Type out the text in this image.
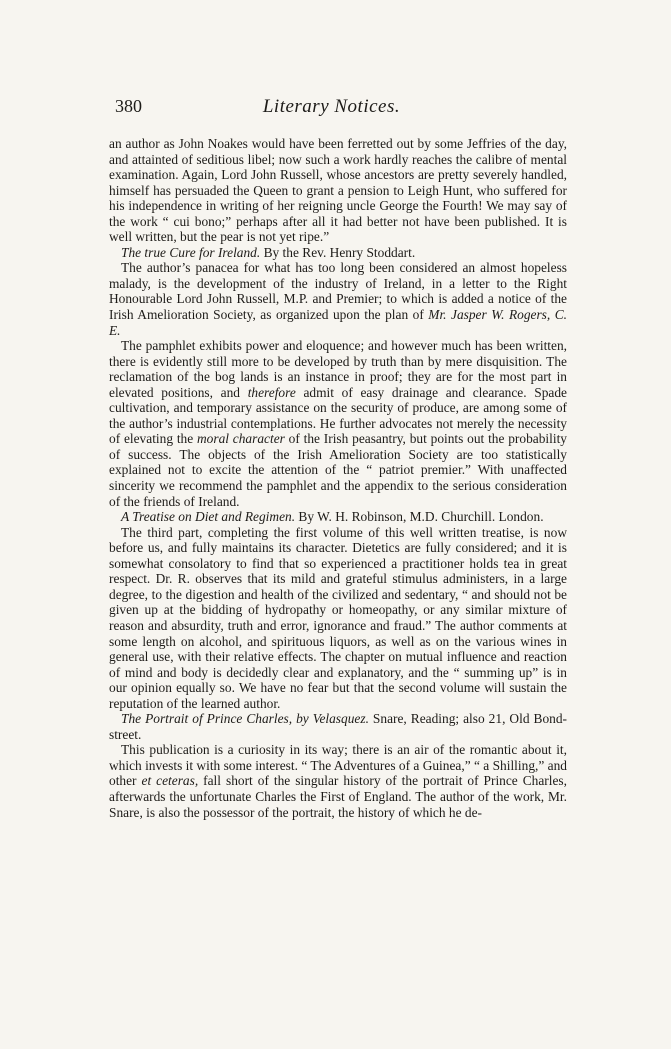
380	Literary Notices.

an author as John Noakes would have been ferretted out by some Jeffries of the day, and attainted of seditious libel; now such a work hardly reaches the calibre of mental examination. Again, Lord John Russell, whose ancestors are pretty severely handled, himself has persuaded the Queen to grant a pension to Leigh Hunt, who suffered for his independence in writing of her reigning uncle George the Fourth! We may say of the work “ cui bono;” perhaps after all it had better not have been published. It is well written, but the pear is not yet ripe.”

The true Cure for Ireland. By the Rev. Henry Stoddart.

The author’s panacea for what has too long been considered an almost hopeless malady, is the development of the industry of Ireland, in a letter to the Right Honourable Lord John Russell, M.P. and Premier; to which is added a notice of the Irish Amelioration Society, as organized upon the plan of Mr. Jasper W. Rogers, C. E.

The pamphlet exhibits power and eloquence; and however much has been written, there is evidently still more to be developed by truth than by mere disquisition. The reclamation of the bog lands is an instance in proof; they are for the most part in elevated positions, and therefore admit of easy drainage and clearance. Spade cultivation, and temporary assistance on the security of produce, are among some of the author’s industrial contemplations. He further advocates not merely the necessity of elevating the moral character of the Irish peasantry, but points out the probability of success. The objects of the Irish Amelioration Society are too statistically explained not to excite the attention of the “ patriot premier.” With unaffected sincerity we recommend the pamphlet and the appendix to the serious consideration of the friends of Ireland.

A Treatise on Diet and Regimen. By W. H. Robinson, M.D. Churchill. London.

The third part, completing the first volume of this well written treatise, is now before us, and fully maintains its character. Dietetics are fully considered; and it is somewhat consolatory to find that so experienced a practitioner holds tea in great respect. Dr. R. observes that its mild and grateful stimulus administers, in a large degree, to the digestion and health of the civilized and sedentary, “ and should not be given up at the bidding of hydropathy or homeopathy, or any similar mixture of reason and absurdity, truth and error, ignorance and fraud.” The author comments at some length on alcohol, and spirituous liquors, as well as on the various wines in general use, with their relative effects. The chapter on mutual influence and reaction of mind and body is decidedly clear and explanatory, and the “ summing up” is in our opinion equally so. We have no fear but that the second volume will sustain the reputation of the learned author.

The Portrait of Prince Charles, by Velasquez. Snare, Reading; also 21, Old Bond-street.

This publication is a curiosity in its way; there is an air of the romantic about it, which invests it with some interest. “ The Adventures of a Guinea,” “ a Shilling,” and other et ceteras, fall short of the singular history of the portrait of Prince Charles, afterwards the unfortunate Charles the First of England. The author of the work, Mr. Snare, is also the possessor of the portrait, the history of which he de-
